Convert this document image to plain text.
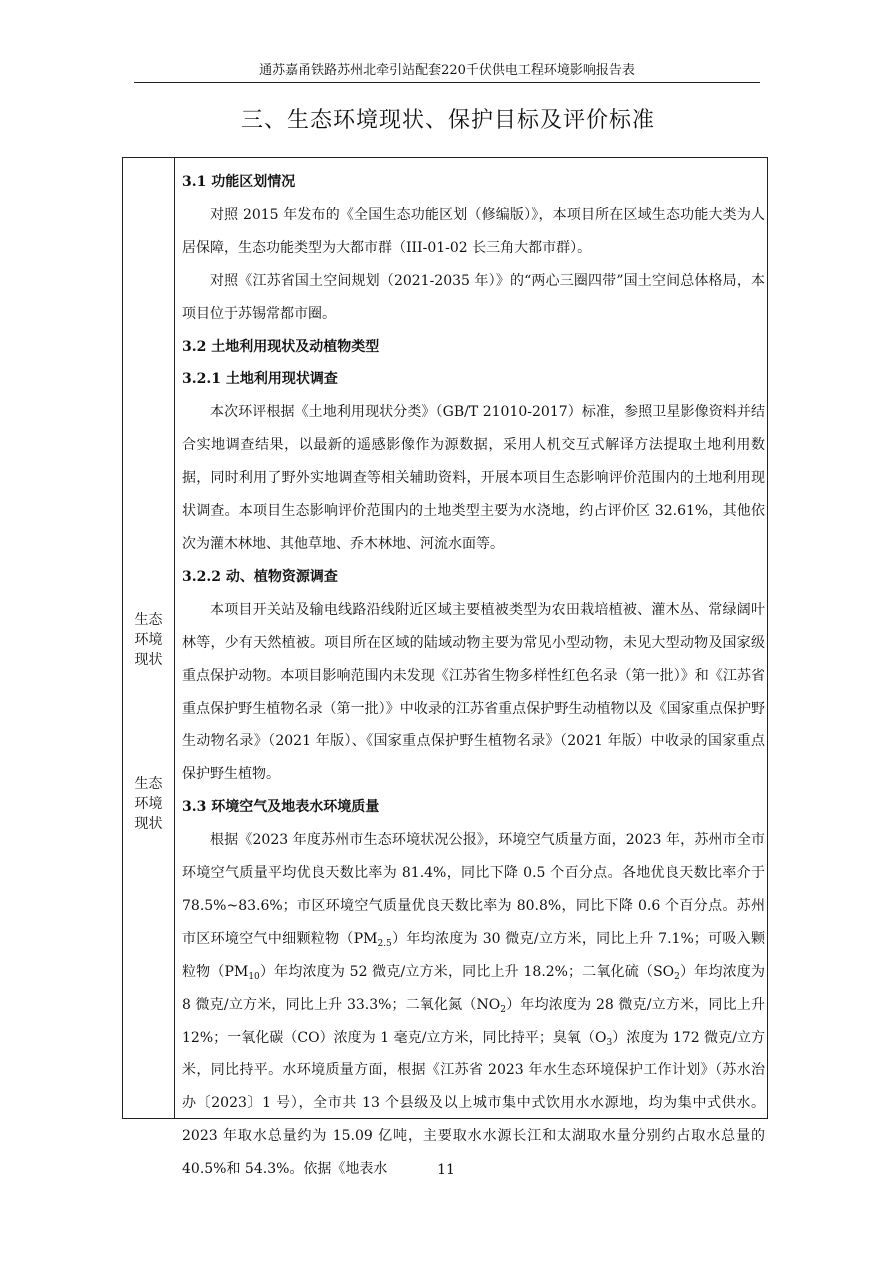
通苏嘉甬铁路苏州北牵引站配套220千伏供电工程环境影响报告表
三、生态环境现状、保护目标及评价标准
生态
环境
现状
生态
环境
现状

3.1 功能区划情况

对照 2015 年发布的《全国生态功能区划（修编版）》，本项目所在区域生态功能大类为人居保障，生态功能类型为大都市群（III-01-02 长三角大都市群）。

对照《江苏省国土空间规划（2021-2035 年）》的“两心三圈四带”国土空间总体格局，本项目位于苏锡常都市圈。

3.2 土地利用现状及动植物类型

3.2.1 土地利用现状调查

本次环评根据《土地利用现状分类》（GB/T 21010-2017）标准，参照卫星影像资料并结合实地调查结果，以最新的遥感影像作为源数据，采用人机交互式解译方法提取土地利用数据，同时利用了野外实地调查等相关辅助资料，开展本项目生态影响评价范围内的土地利用现状调查。本项目生态影响评价范围内的土地类型主要为水浇地，约占评价区 32.61%，其他依次为灌木林地、其他草地、乔木林地、河流水面等。

3.2.2 动、植物资源调查

本项目开关站及输电线路沿线附近区域主要植被类型为农田栽培植被、灌木丛、常绿阔叶林等，少有天然植被。项目所在区域的陆域动物主要为常见小型动物，未见大型动物及国家级重点保护动物。本项目影响范围内未发现《江苏省生物多样性红色名录（第一批）》和《江苏省重点保护野生植物名录（第一批）》中收录的江苏省重点保护野生动植物以及《国家重点保护野生动物名录》（2021 年版）、《国家重点保护野生植物名录》（2021 年版）中收录的国家重点保护野生植物。

3.3 环境空气及地表水环境质量

根据《2023 年度苏州市生态环境状况公报》，环境空气质量方面，2023 年，苏州市全市环境空气质量平均优良天数比率为 81.4%，同比下降 0.5 个百分点。各地优良天数比率介于 78.5%~83.6%；市区环境空气质量优良天数比率为 80.8%，同比下降 0.6 个百分点。苏州市区环境空气中细颗粒物$(PM_{2.5})$年均浓度为 30 微克/立方米，同比上升 7.1%；可吸入颗粒物$(PM_{10})$年均浓度为 52 微克/立方米，同比上升 18.2%；二氧化硫$(SO_2)$年均浓度为 8 微克/立方米，同比上升 33.3%；二氧化氮$(NO_2)$年均浓度为 28 微克/立方米，同比上升 12%；一氧化碳（CO）浓度为 1 毫克/立方米，同比持平；臭氧$(O_3)$浓度为 172 微克/立方米，同比持平。水环境质量方面，根据《江苏省 2023 年水生态环境保护工作计划》（苏水治办〔2023〕1 号），全市共 13 个县级及以上城市集中式饮用水水源地，均为集中式供水。2023 年取水总量约为 15.09 亿吨，主要取水水源长江和太湖取水量分别约占取水总量的 40.5%和 54.3%。依据《地表水	11
